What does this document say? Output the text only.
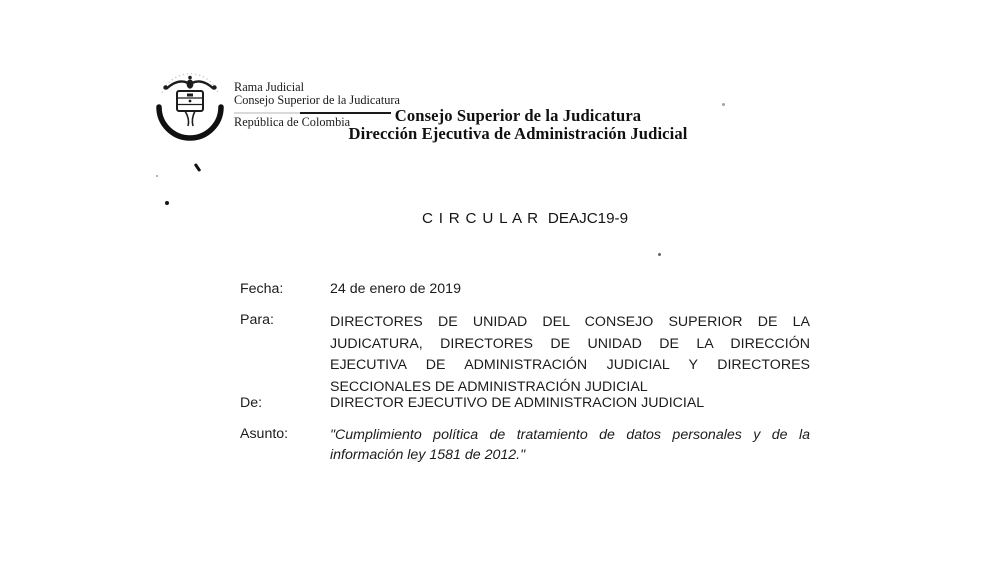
Rama Judicial
Consejo Superior de la Judicatura
República de Colombia	Consejo Superior de la Judicatura
Dirección Ejecutiva de Administración Judicial
C I R C U L A R DEAJC19-9
Fecha:	24 de enero de 2019
Para:	DIRECTORES DE UNIDAD DEL CONSEJO SUPERIOR DE LA
JUDICATURA, DIRECTORES DE UNIDAD DE LA DIRECCIÓN
EJECUTIVA DE ADMINISTRACIÓN JUDICIAL Y DIRECTORES
SECCIONALES DE ADMINISTRACIÓN JUDICIAL
De:	DIRECTOR EJECUTIVO DE ADMINISTRACION JUDICIAL
Asunto:	"Cumplimiento política de tratamiento de datos personales y de la
información ley 1581 de 2012."
